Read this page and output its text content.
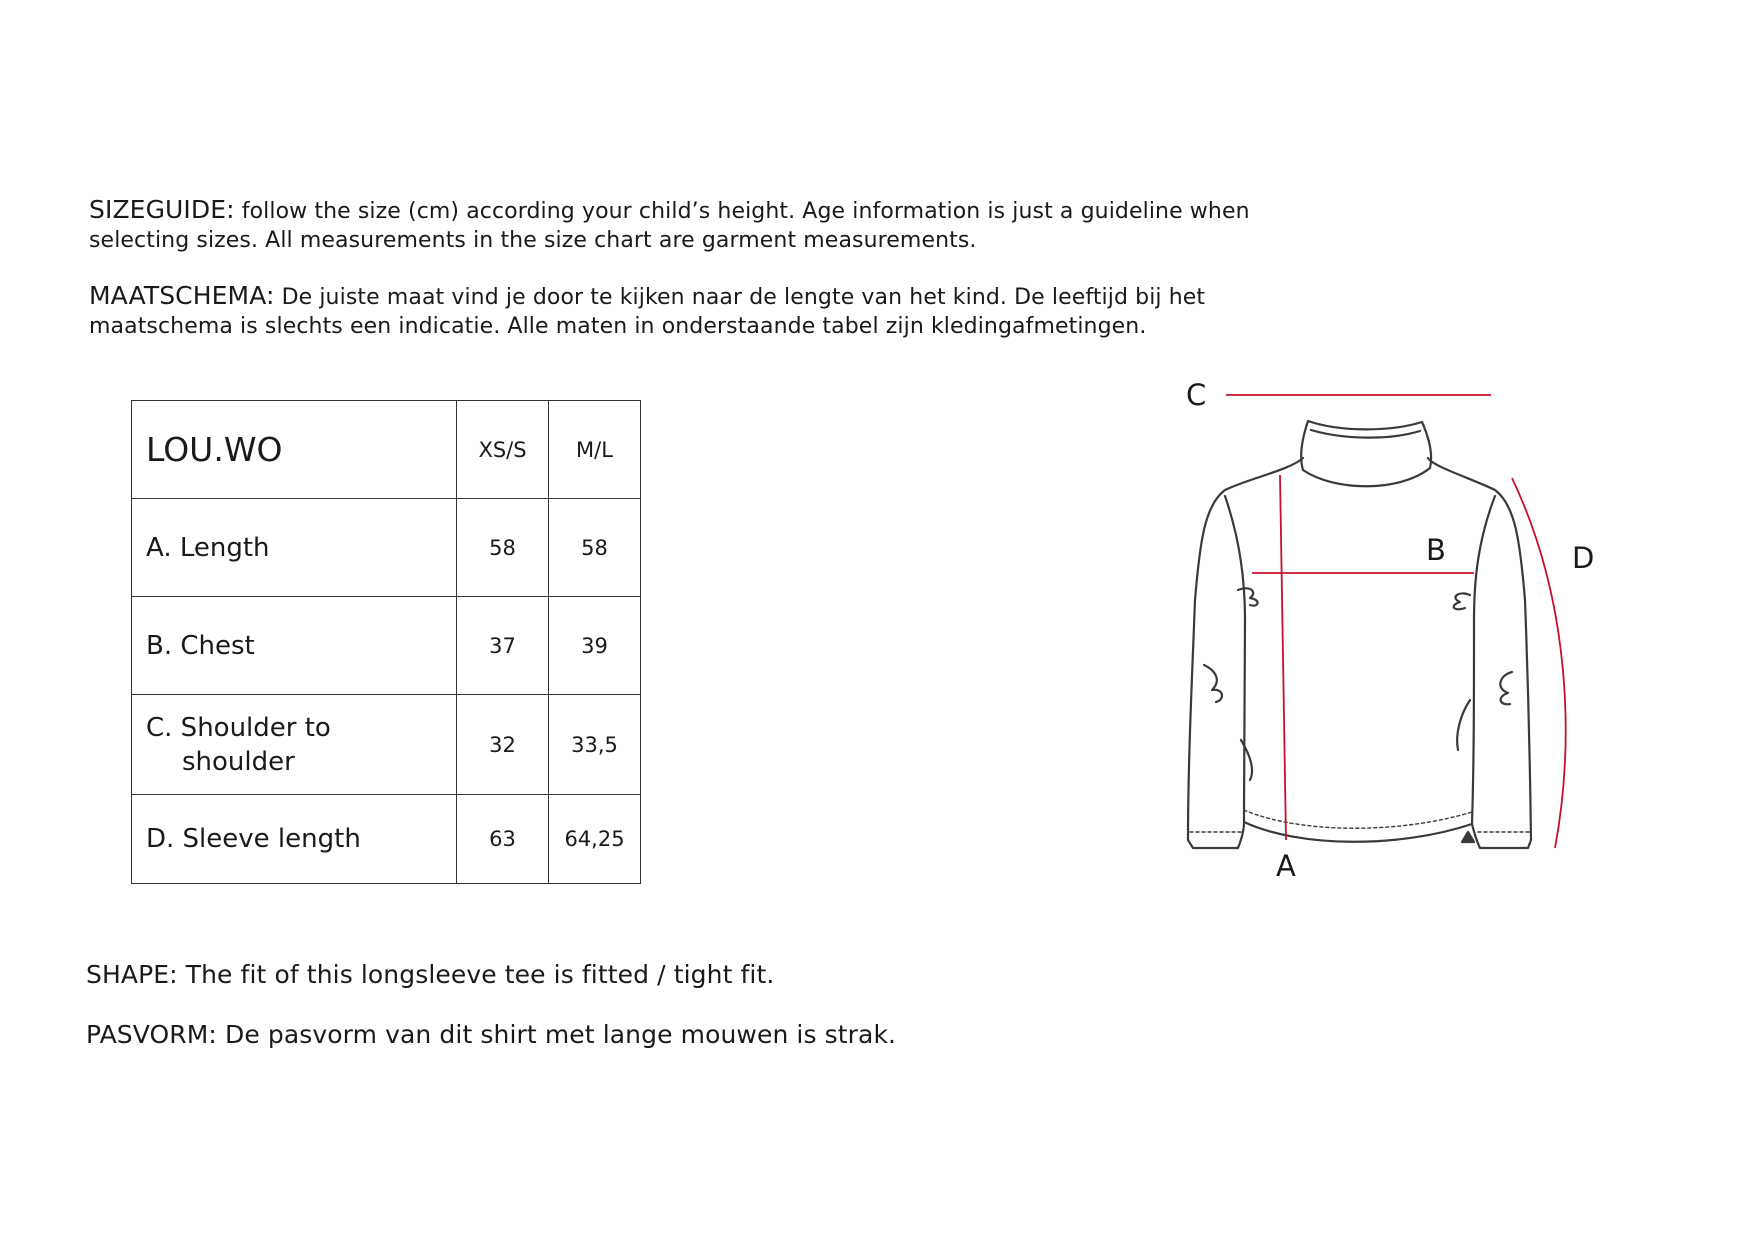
SIZEGUIDE: follow the size (cm) according your child’s height. Age information is just a guideline when selecting sizes. All measurements in the size chart are garment measurements.

MAATSCHEMA: De juiste maat vind je door te kijken naar de lengte van het kind. De leeftijd bij het maatschema is slechts een indicatie. Alle maten in onderstaande tabel zijn kledingafmetingen.

LOU.WO	XS/S	M/L
A. Length	58	58
B. Chest	37	39

C. Shoulder to
shoulder	32	33,5
D. Sleeve length	63	64,25
C
B	D
A

SHAPE: The fit of this longsleeve tee is fitted / tight fit.

PASVORM: De pasvorm van dit shirt met lange mouwen is strak.
